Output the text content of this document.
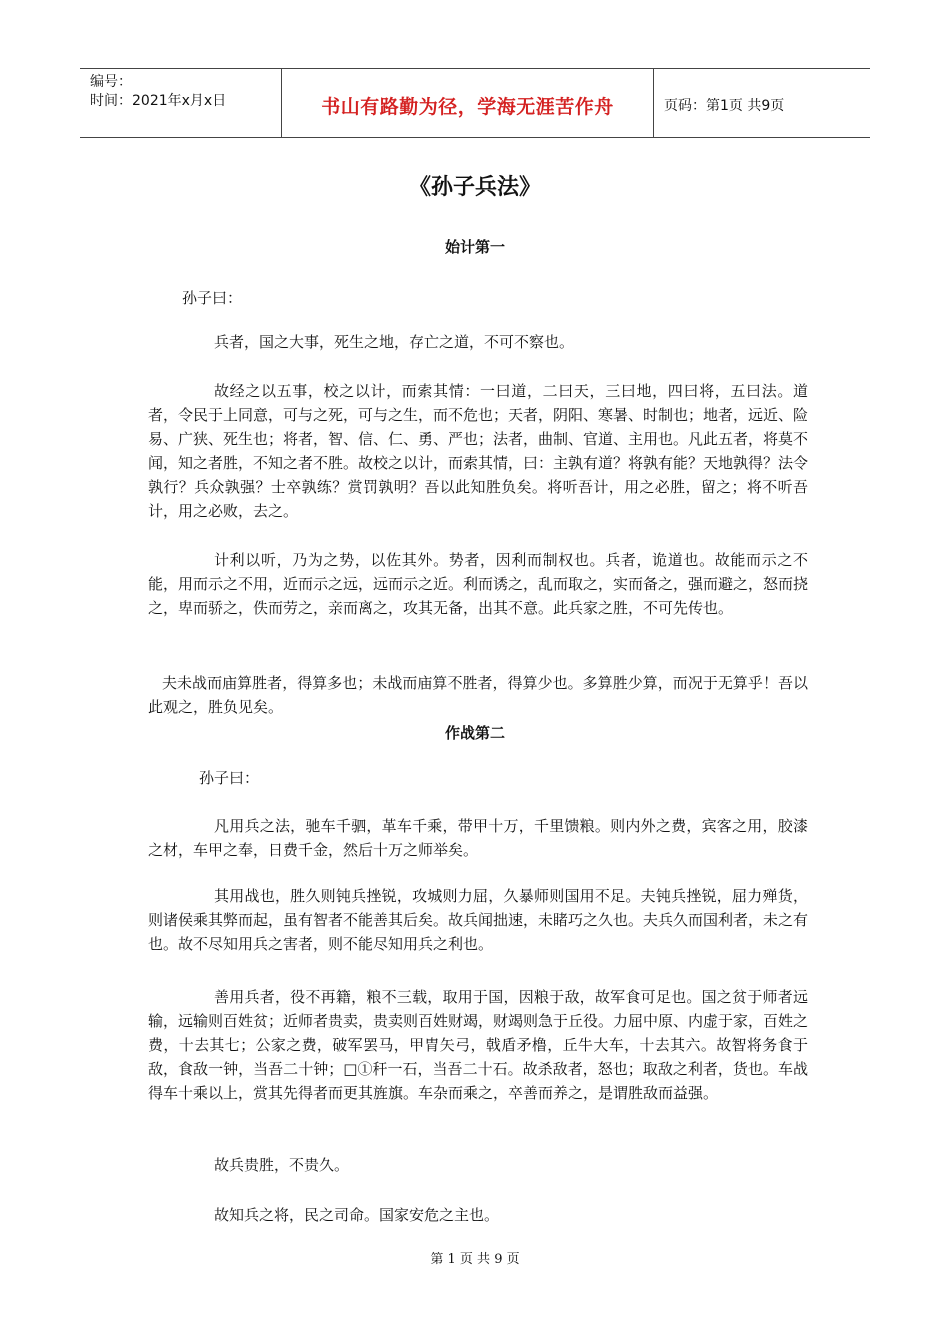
编号：
时间：2021年x月x日	书山有路勤为径，学海无涯苦作舟	页码：第1页 共9页
《孙子兵法》
始计第一

孙子曰：

兵者，国之大事，死生之地，存亡之道，不可不察也。

故经之以五事，校之以计，而索其情：一曰道，二曰天，三曰地，四曰将，五曰法。道者，令民于上同意，可与之死，可与之生，而不危也；天者，阴阳、寒暑、时制也；地者，远近、险易、广狭、死生也；将者，智、信、仁、勇、严也；法者，曲制、官道、主用也。凡此五者，将莫不闻，知之者胜，不知之者不胜。故校之以计，而索其情，曰：主孰有道？将孰有能？天地孰得？法令孰行？兵众孰强？士卒孰练？赏罚孰明？吾以此知胜负矣。将听吾计，用之必胜，留之；将不听吾计，用之必败，去之。

计利以听，乃为之势，以佐其外。势者，因利而制权也。兵者，诡道也。故能而示之不能，用而示之不用，近而示之远，远而示之近。利而诱之，乱而取之，实而备之，强而避之，怒而挠之，卑而骄之，佚而劳之，亲而离之，攻其无备，出其不意。此兵家之胜，不可先传也。

夫未战而庙算胜者，得算多也；未战而庙算不胜者，得算少也。多算胜少算，而况于无算乎！吾以此观之，胜负见矣。

作战第二

孙子曰：

凡用兵之法，驰车千驷，革车千乘，带甲十万，千里馈粮。则内外之费，宾客之用，胶漆之材，车甲之奉，日费千金，然后十万之师举矣。

其用战也，胜久则钝兵挫锐，攻城则力屈，久暴师则国用不足。夫钝兵挫锐，屈力殚货，则诸侯乘其弊而起，虽有智者不能善其后矣。故兵闻拙速，未睹巧之久也。夫兵久而国利者，未之有也。故不尽知用兵之害者，则不能尽知用兵之利也。

善用兵者，役不再籍，粮不三载，取用于国，因粮于敌，故军食可足也。国之贫于师者远输，远输则百姓贫；近师者贵卖，贵卖则百姓财竭，财竭则急于丘役。力屈中原、内虚于家，百姓之费，十去其七；公家之费，破军罢马，甲胄矢弓，戟盾矛橹，丘牛大车，十去其六。故智将务食于敌，食敌一钟，当吾二十钟；□①秆一石，当吾二十石。故杀敌者，怒也；取敌之利者，货也。车战得车十乘以上，赏其先得者而更其旌旗。车杂而乘之，卒善而养之，是谓胜敌而益强。

故兵贵胜，不贵久。

故知兵之将，民之司命。国家安危之主也。

第 1 页 共 9 页
